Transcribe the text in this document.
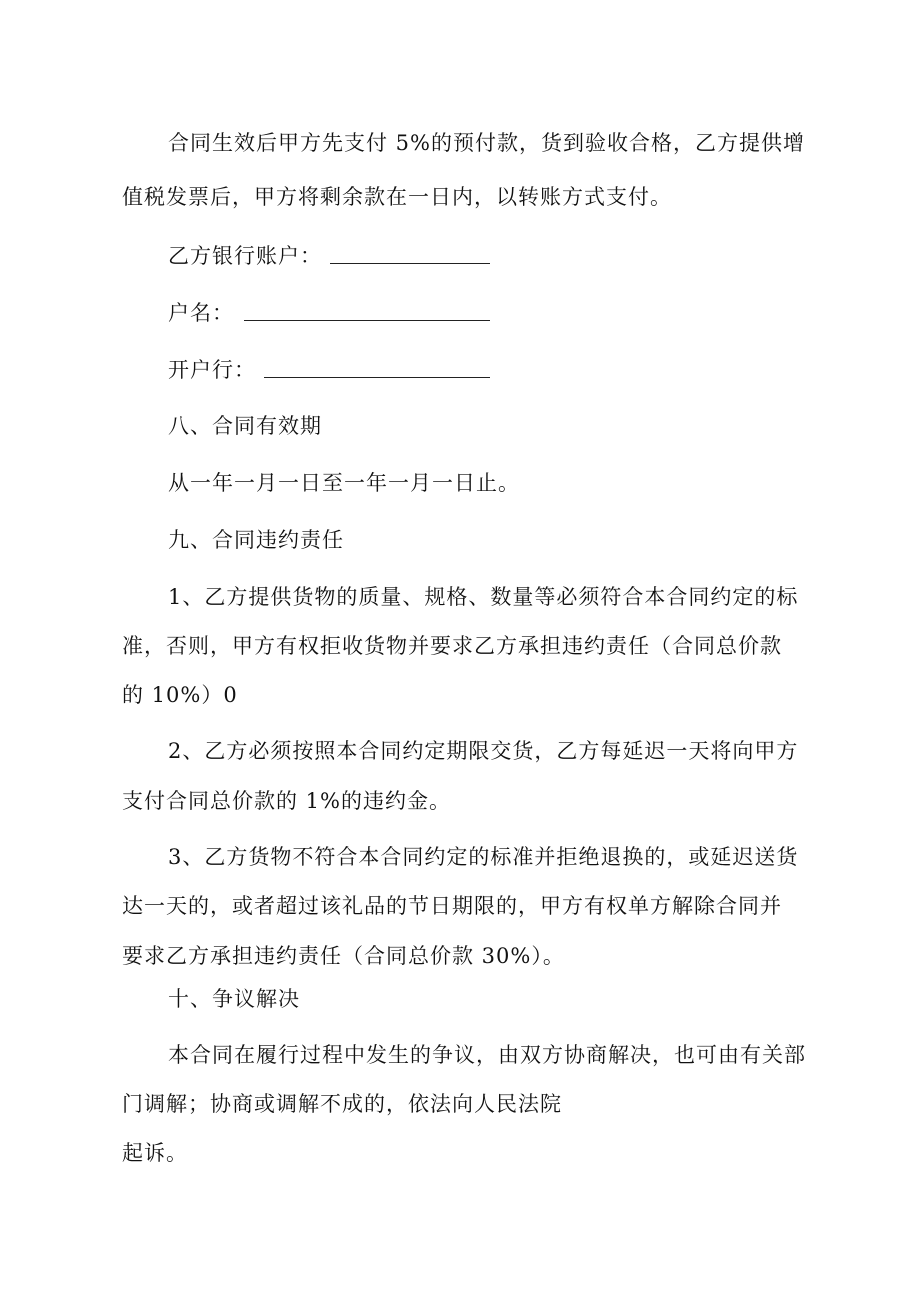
合同生效后甲方先支付 5%的预付款，货到验收合格，乙方提供增
值税发票后，甲方将剩余款在一日内，以转账方式支付。
乙方银行账户：
户名：
开户行：
八、合同有效期
从一年一月一日至一年一月一日止。
九、合同违约责任
1、乙方提供货物的质量、规格、数量等必须符合本合同约定的标
准，否则，甲方有权拒收货物并要求乙方承担违约责任（合同总价款
的 10%）0
2、乙方必须按照本合同约定期限交货，乙方每延迟一天将向甲方
支付合同总价款的 1%的违约金。
3、乙方货物不符合本合同约定的标准并拒绝退换的，或延迟送货
达一天的，或者超过该礼品的节日期限的，甲方有权单方解除合同并
要求乙方承担违约责任（合同总价款 30%）。
十、争议解决
本合同在履行过程中发生的争议，由双方协商解决，也可由有关部
门调解；协商或调解不成的，依法向人民法院
起诉。
